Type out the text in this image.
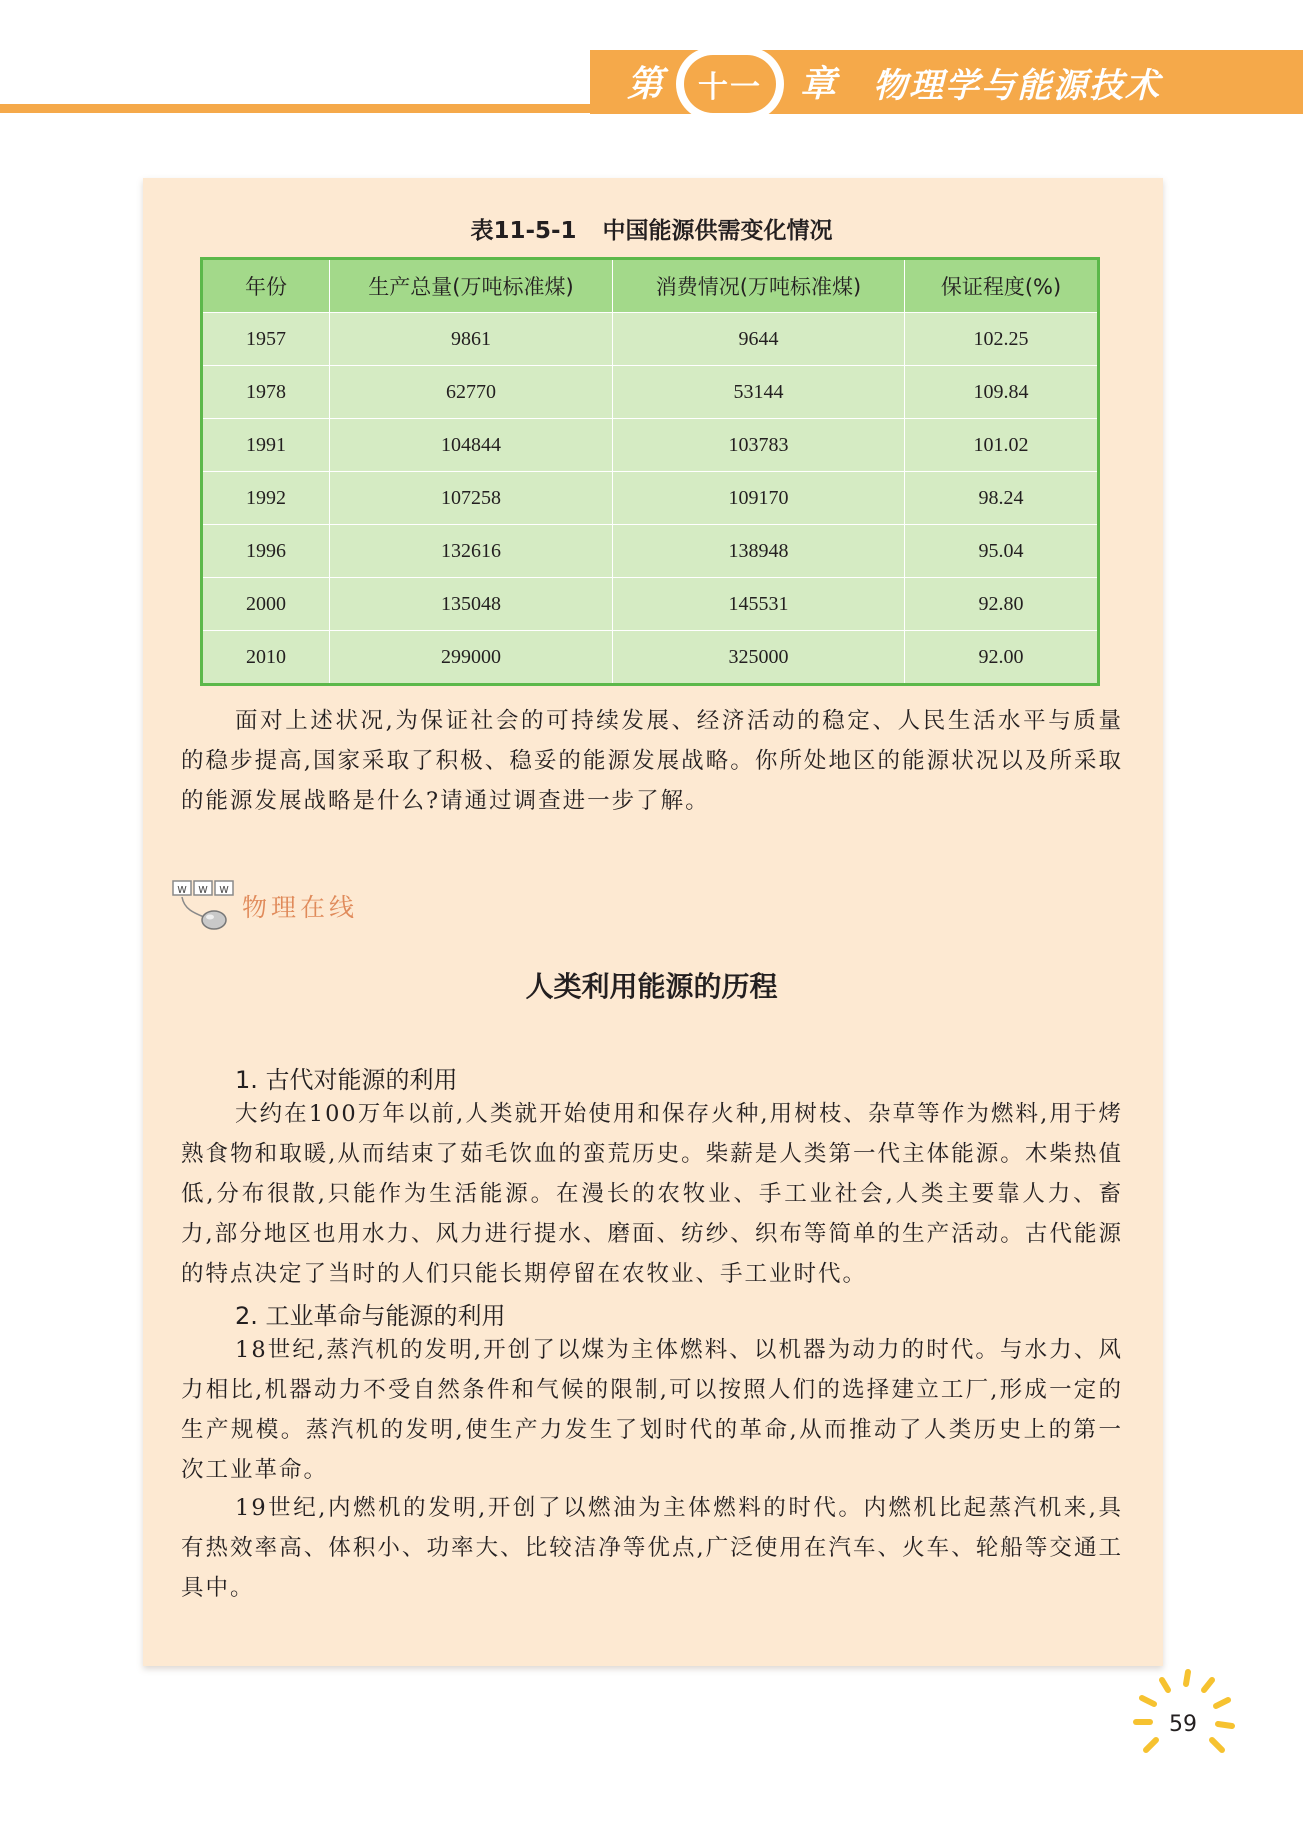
第 十一 章 物理学与能源技术
表11-5-1 中国能源供需变化情况
年份	生产总量(万吨标准煤)	消费情况(万吨标准煤)	保证程度(%)
1957	9861	9644	102.25
1978	62770	53144	109.84
1991	104844	103783	101.02
1992	107258	109170	98.24
1996	132616	138948	95.04
2000	135048	145531	92.80
2010	299000	325000	92.00

面对上述状况,为保证社会的可持续发展、经济活动的稳定、人民生活水平与质量的稳步提高,国家采取了积极、稳妥的能源发展战略。你所处地区的能源状况以及所采取的能源发展战略是什么?请通过调查进一步了解。

w w w
物理在线
人类利用能源的历程
1. 古代对能源的利用

大约在100万年以前,人类就开始使用和保存火种,用树枝、杂草等作为燃料,用于烤熟食物和取暖,从而结束了茹毛饮血的蛮荒历史。柴薪是人类第一代主体能源。木柴热值低,分布很散,只能作为生活能源。在漫长的农牧业、手工业社会,人类主要靠人力、畜力,部分地区也用水力、风力进行提水、磨面、纺纱、织布等简单的生产活动。古代能源的特点决定了当时的人们只能长期停留在农牧业、手工业时代。

2. 工业革命与能源的利用

18世纪,蒸汽机的发明,开创了以煤为主体燃料、以机器为动力的时代。与水力、风力相比,机器动力不受自然条件和气候的限制,可以按照人们的选择建立工厂,形成一定的生产规模。蒸汽机的发明,使生产力发生了划时代的革命,从而推动了人类历史上的第一次工业革命。

19世纪,内燃机的发明,开创了以燃油为主体燃料的时代。内燃机比起蒸汽机来,具有热效率高、体积小、功率大、比较洁净等优点,广泛使用在汽车、火车、轮船等交通工具中。

59
